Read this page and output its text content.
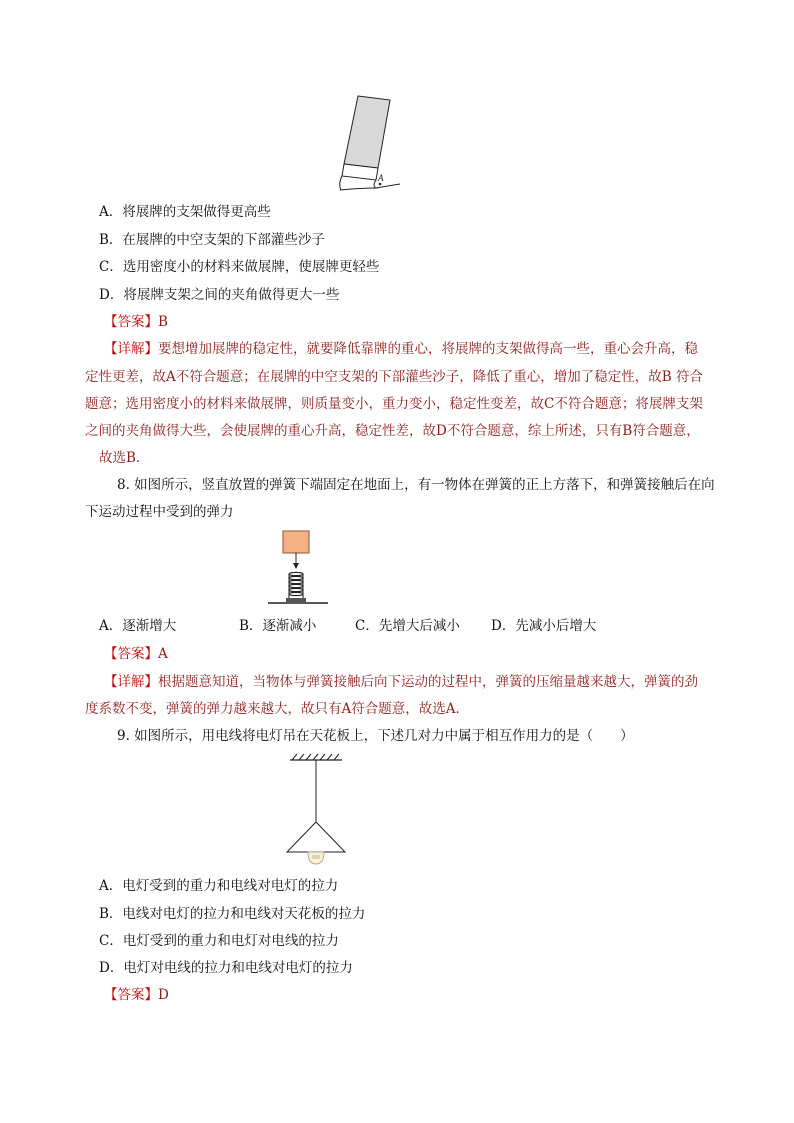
A
A．将展牌的支架做得更高些
B．在展牌的中空支架的下部灌些沙子
C．选用密度小的材料来做展牌，使展牌更轻些
D．将展牌支架之间的夹角做得更大一些
【答案】B
【详解】要想增加展牌的稳定性，就要降低靠牌的重心，将展牌的支架做得高一些，重心会升高，稳
定性更差，故A不符合题意；在展牌的中空支架的下部灌些沙子，降低了重心，增加了稳定性，故B 符合
题意；选用密度小的材料来做展牌，则质量变小，重力变小，稳定性变差，故C不符合题意；将展牌支架
之间的夹角做得大些，会使展牌的重心升高，稳定性差，故D不符合题意，综上所述，只有B符合题意，
故选B．
8. 如图所示，竖直放置的弹簧下端固定在地面上，有一物体在弹簧的正上方落下，和弹簧接触后在向
下运动过程中受到的弹力
A．逐渐增大	B．逐渐减小	C．先增大后减小 D．先减小后增大
【答案】A
【详解】根据题意知道，当物体与弹簧接触后向下运动的过程中，弹簧的压缩量越来越大，弹簧的劲
度系数不变，弹簧的弹力越来越大，故只有A符合题意，故选A．
9. 如图所示，用电线将电灯吊在天花板上，下述几对力中属于相互作用力的是（　　）
A．电灯受到的重力和电线对电灯的拉力
B．电线对电灯的拉力和电线对天花板的拉力
C．电灯受到的重力和电灯对电线的拉力
D．电灯对电线的拉力和电线对电灯的拉力
【答案】D
